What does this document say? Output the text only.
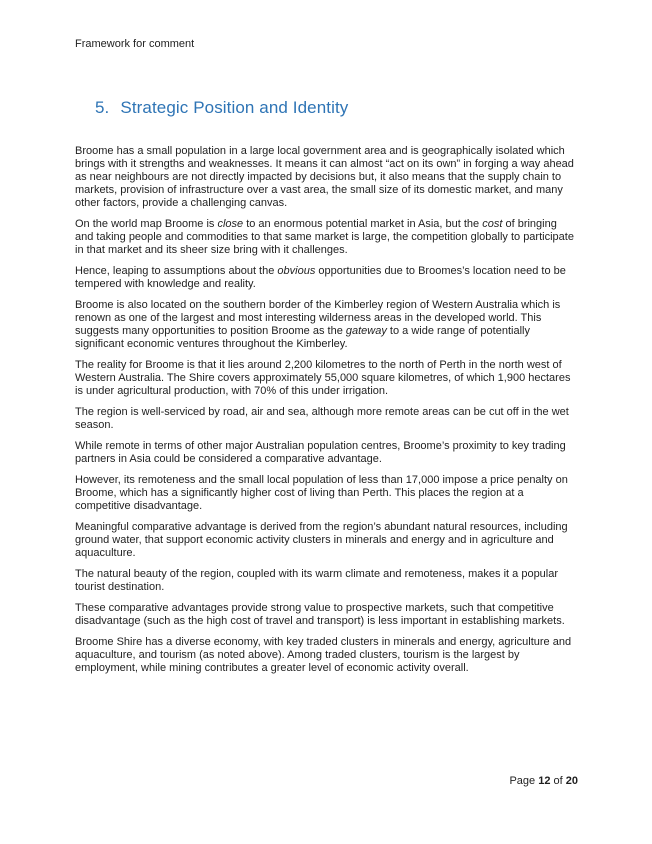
Framework for comment
5. Strategic Position and Identity

Broome has a small population in a large local government area and is geographically isolated which brings with it strengths and weaknesses. It means it can almost “act on its own” in forging a way ahead as near neighbours are not directly impacted by decisions but, it also means that the supply chain to markets, provision of infrastructure over a vast area, the small size of its domestic market, and many other factors, provide a challenging canvas.

On the world map Broome is close to an enormous potential market in Asia, but the cost of bringing and taking people and commodities to that same market is large, the competition globally to participate in that market and its sheer size bring with it challenges.

Hence, leaping to assumptions about the obvious opportunities due to Broomes’s location need to be tempered with knowledge and reality.

Broome is also located on the southern border of the Kimberley region of Western Australia which is renown as one of the largest and most interesting wilderness areas in the developed world. This suggests many opportunities to position Broome as the gateway to a wide range of potentially significant economic ventures throughout the Kimberley.

The reality for Broome is that it lies around 2,200 kilometres to the north of Perth in the north west of Western Australia. The Shire covers approximately 55,000 square kilometres, of which 1,900 hectares is under agricultural production, with 70% of this under irrigation.

The region is well-serviced by road, air and sea, although more remote areas can be cut off in the wet season.

While remote in terms of other major Australian population centres, Broome’s proximity to key trading partners in Asia could be considered a comparative advantage.

However, its remoteness and the small local population of less than 17,000 impose a price penalty on Broome, which has a significantly higher cost of living than Perth. This places the region at a competitive disadvantage.

Meaningful comparative advantage is derived from the region’s abundant natural resources, including ground water, that support economic activity clusters in minerals and energy and in agriculture and aquaculture.

The natural beauty of the region, coupled with its warm climate and remoteness, makes it a popular tourist destination.

These comparative advantages provide strong value to prospective markets, such that competitive disadvantage (such as the high cost of travel and transport) is less important in establishing markets.

Broome Shire has a diverse economy, with key traded clusters in minerals and energy, agriculture and aquaculture, and tourism (as noted above). Among traded clusters, tourism is the largest by employment, while mining contributes a greater level of economic activity overall.

Page 12 of 20
